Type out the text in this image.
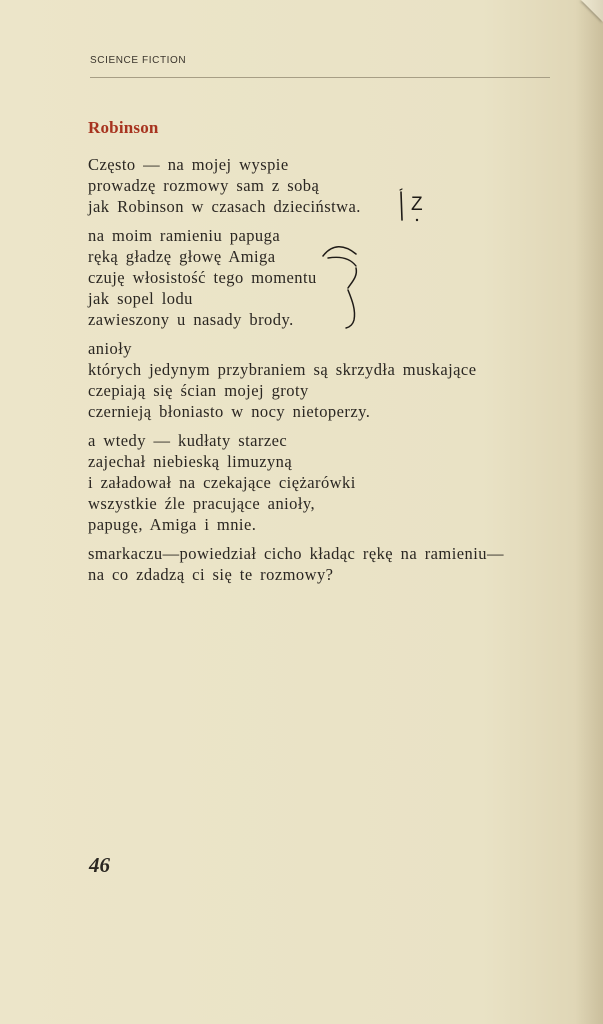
SCIENCE FICTION
Robinson

Często — na mojej wyspie
prowadzę rozmowy sam z sobą
jak Robinson w czasach dzieciństwa.

na moim ramieniu papuga
ręką gładzę głowę Amiga
czuję włosistość tego momentu
jak sopel lodu
zawieszony u nasady brody.

anioły
których jedynym przybraniem są skrzydła muskające
czepiają się ścian mojej groty
czernieją błoniasto w nocy nietoperzy.

a wtedy — kudłaty starzec
zajechał niebieską limuzyną
i załadował na czekające ciężarówki
wszystkie źle pracujące anioły,
papugę, Amiga i mnie.

smarkaczu—powiedział cicho kładąc rękę na ramieniu—
na co zdadzą ci się te rozmowy?

Z
46
